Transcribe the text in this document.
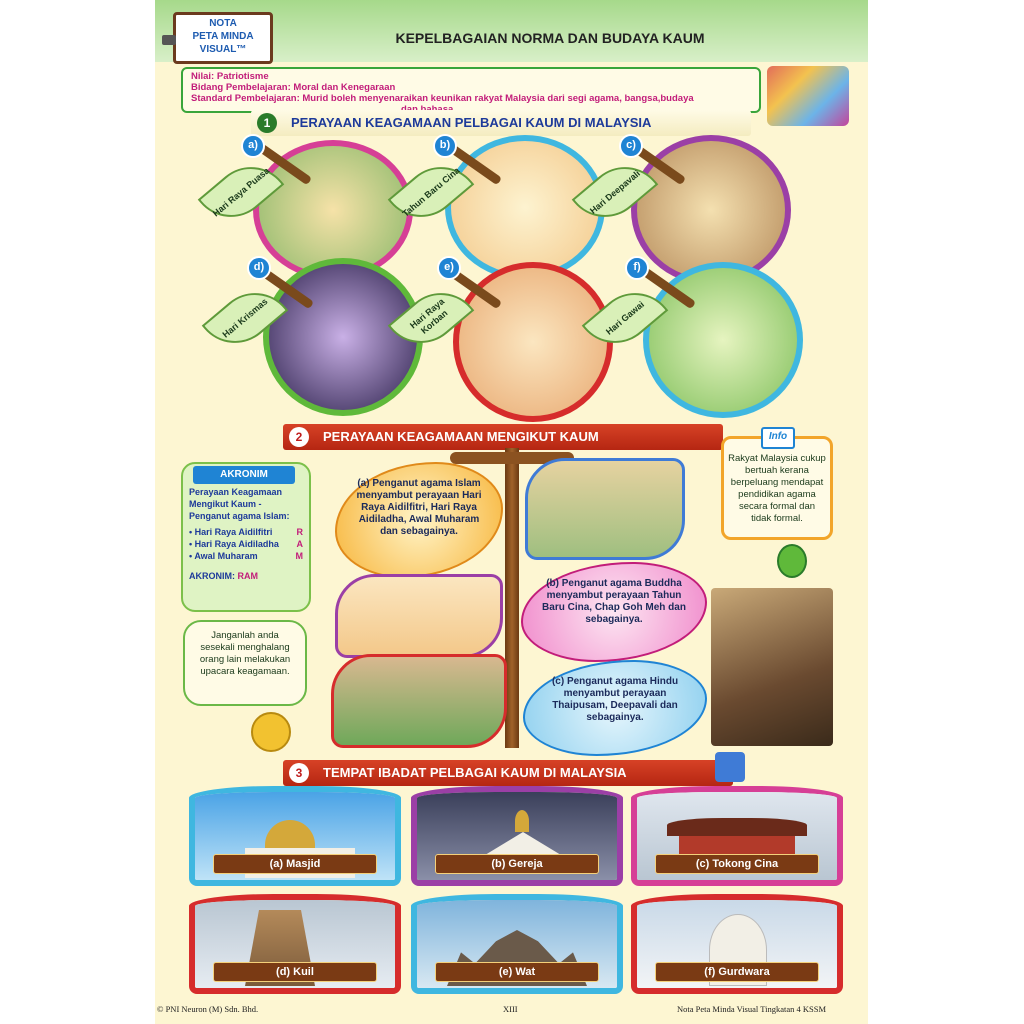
NOTA
PETA MINDA
VISUAL™
KEPELBAGAIAN NORMA DAN BUDAYA KAUM
Nilai: Patriotisme
Bidang Pembelajaran: Moral dan Kenegaraan
Standard Pembelajaran: Murid boleh menyenaraikan keunikan rakyat Malaysia dari segi agama, bangsa,budaya
1	PERAYAAN KEAGAMAAN PELBAGAI KAUM DI MALAYSIA
Hari Raya Puasa
a)
Tahun Baru Cina
b)
Hari Deepavali
c)
Hari Krismas
d)
Hari Raya Korban
e)
Hari Gawai
f)
2	PERAYAAN KEAGAMAAN MENGIKUT KAUM
Perayaan Keagamaan Mengikut Kaum - Penganut agama Islam:
• Hari Raya Aidilfitri	R
• Hari Raya Aidiladha A
• Awal Muharam	M
AKRONIM: RAM
AKRONIM
(a) Penganut agama Islam menyambut perayaan Hari Raya Aidilfitri, Hari Raya Aidiladha, Awal Muharam dan sebagainya.
(b) Penganut agama Buddha menyambut perayaan Tahun Baru Cina, Chap Goh Meh dan sebagainya.
(c) Penganut agama Hindu menyambut perayaan Thaipusam, Deepavali dan sebagainya.
Janganlah anda sesekali menghalang orang lain melakukan upacara keagamaan.
Rakyat Malaysia cukup bertuah kerana berpeluang mendapat pendidikan agama secara formal dan tidak formal.
Info
3	TEMPAT IBADAT PELBAGAI KAUM DI MALAYSIA
(a) Masjid	(b) Gereja	(c) Tokong Cina
(d) Kuil	(e) Wat	(f) Gurdwara
© PNI Neuron (M) Sdn. Bhd.	XIII	Nota Peta Minda Visual Tingkatan 4 KSSM
